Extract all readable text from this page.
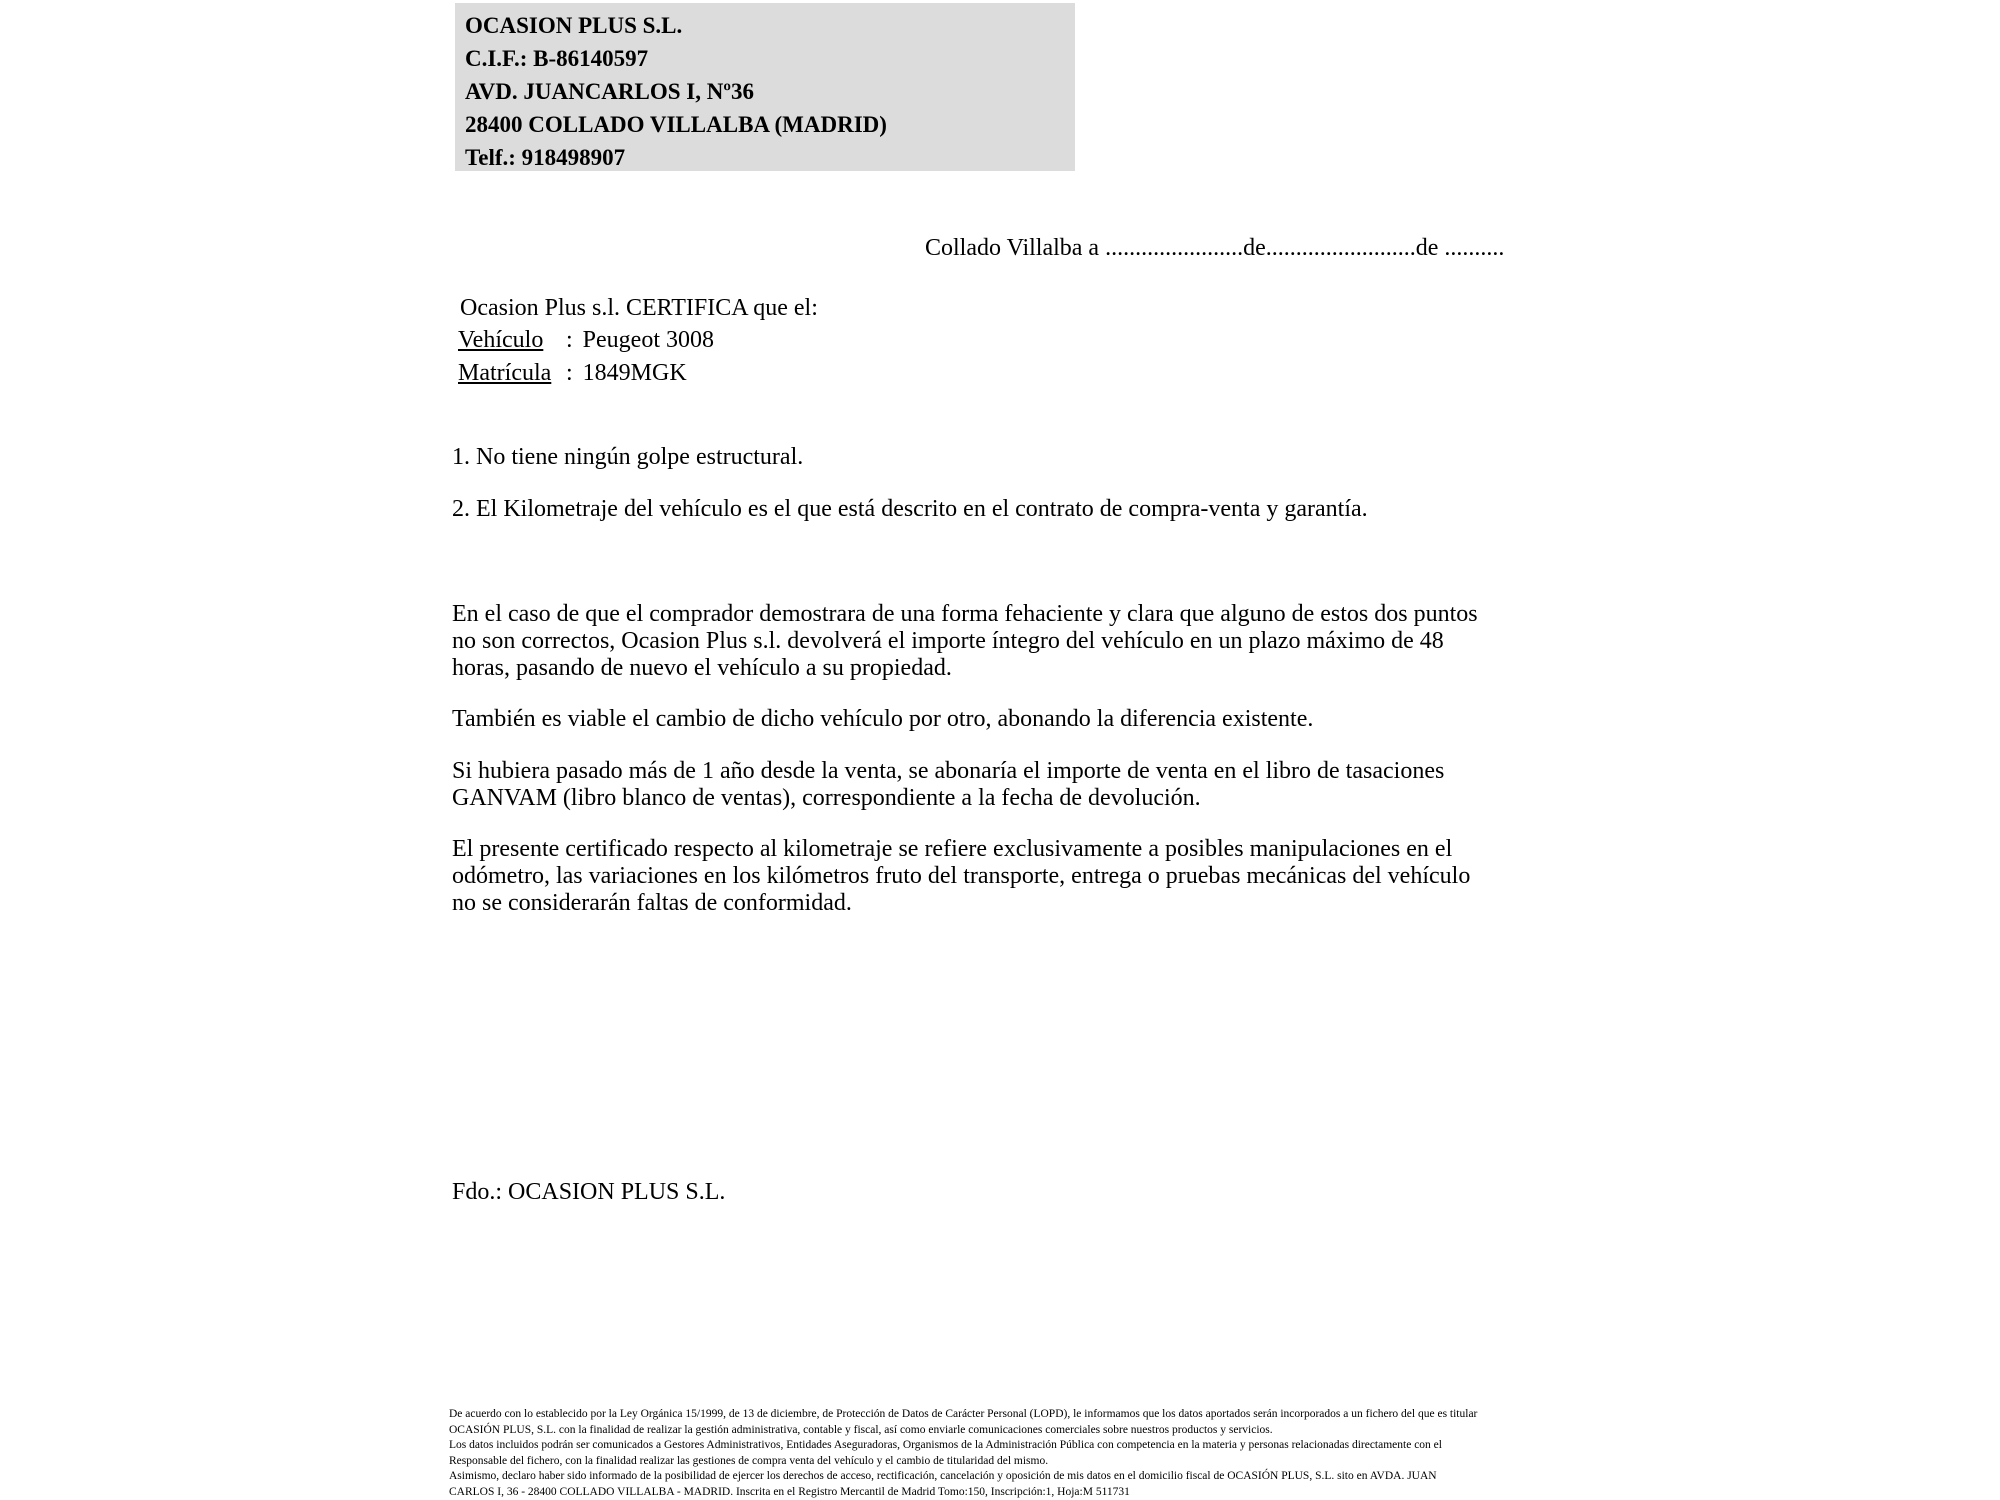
OCASION PLUS S.L.
C.I.F.: B-86140597
AVD. JUANCARLOS I, Nº36
28400 COLLADO VILLALBA (MADRID)
Telf.: 918498907
Collado Villalba a .......................de.........................de ..........
Ocasion Plus s.l. CERTIFICA que el:
Vehículo : Peugeot 3008
Matrícula : 1849MGK
1. No tiene ningún golpe estructural.
2. El Kilometraje del vehículo es el que está descrito en el contrato de compra-venta y garantía.
En el caso de que el comprador demostrara de una forma fehaciente y clara que alguno de estos dos puntos no son correctos, Ocasion Plus s.l. devolverá el importe íntegro del vehículo en un plazo máximo de 48 horas, pasando de nuevo el vehículo a su propiedad.
También es viable el cambio de dicho vehículo por otro, abonando la diferencia existente.
Si hubiera pasado más de 1 año desde la venta, se abonaría el importe de venta en el libro de tasaciones GANVAM (libro blanco de ventas), correspondiente a la fecha de devolución.
El presente certificado respecto al kilometraje se refiere exclusivamente a posibles manipulaciones en el odómetro, las variaciones en los kilómetros fruto del transporte, entrega o pruebas mecánicas del vehículo no se considerarán faltas de conformidad.
Fdo.: OCASION PLUS S.L.
De acuerdo con lo establecido por la Ley Orgánica 15/1999, de 13 de diciembre, de Protección de Datos de Carácter Personal (LOPD), le informamos que los datos aportados serán incorporados a un fichero del que es titular
OCASIÓN PLUS, S.L. con la finalidad de realizar la gestión administrativa, contable y fiscal, así como enviarle comunicaciones comerciales sobre nuestros productos y servicios.
Los datos incluidos podrán ser comunicados a Gestores Administrativos, Entidades Aseguradoras, Organismos de la Administración Pública con competencia en la materia y personas relacionadas directamente con el
Responsable del fichero, con la finalidad realizar las gestiones de compra venta del vehículo y el cambio de titularidad del mismo.
Asimismo, declaro haber sido informado de la posibilidad de ejercer los derechos de acceso, rectificación, cancelación y oposición de mis datos en el domicilio fiscal de OCASIÓN PLUS, S.L. sito en AVDA. JUAN
CARLOS I, 36 - 28400 COLLADO VILLALBA - MADRID. Inscrita en el Registro Mercantil de Madrid Tomo:150, Inscripción:1, Hoja:M 511731
